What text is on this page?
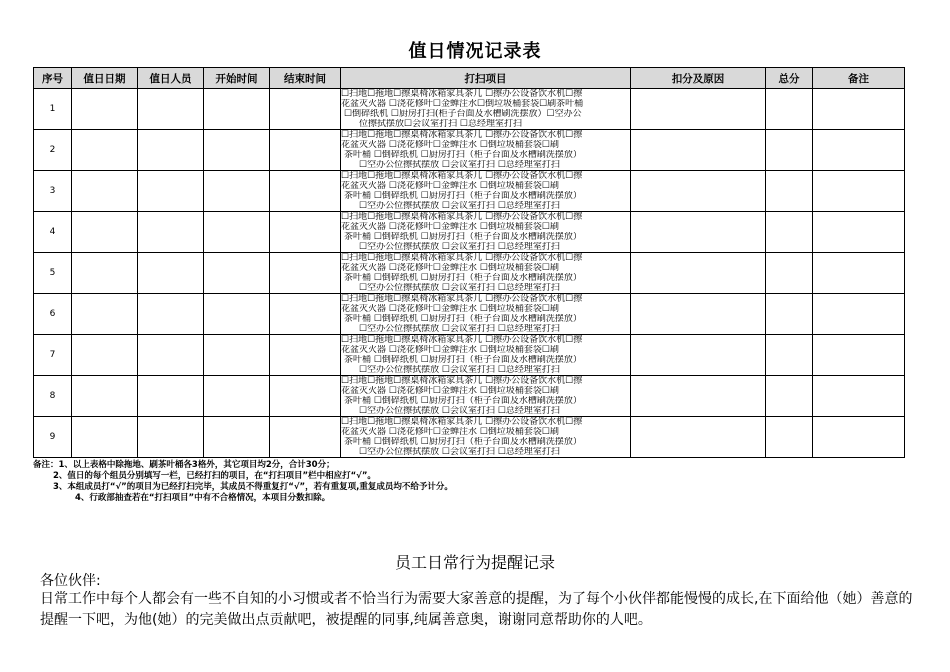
值日情况记录表
序号	值日日期	值日人员	开始时间	结束时间	打扫项目	扣分及原因	总分	备注
1					☐扫地☐拖地☐擦桌椅冰箱家具茶几 ☐擦办公设备饮水机☐擦
花盆灭火器 ☐浇花修叶☐金蝉注水☐倒垃圾桶套袋☐刷茶叶桶
☐倒碎纸机 ☐厨房打扫(柜子台面及水槽刷洗摆放）☐空办公
位擦拭摆放☐会议室打扫 ☐总经理室打扫			

2					☐扫地☐拖地☐擦桌椅冰箱家具茶几 ☐擦办公设备饮水机☐擦
花盆灭火器 ☐浇花修叶☐金蝉注水 ☐倒垃圾桶套袋☐刷
茶叶桶 ☐倒碎纸机 ☐厨房打扫（柜子台面及水槽刷洗摆放）
☐空办公位擦拭摆放 ☐会议室打扫 ☐总经理室打扫			

3					☐扫地☐拖地☐擦桌椅冰箱家具茶几 ☐擦办公设备饮水机☐擦
花盆灭火器 ☐浇花修叶☐金蝉注水 ☐倒垃圾桶套袋☐刷
茶叶桶 ☐倒碎纸机 ☐厨房打扫（柜子台面及水槽刷洗摆放）
☐空办公位擦拭摆放 ☐会议室打扫 ☐总经理室打扫			

4					☐扫地☐拖地☐擦桌椅冰箱家具茶几 ☐擦办公设备饮水机☐擦
花盆灭火器 ☐浇花修叶☐金蝉注水 ☐倒垃圾桶套袋☐刷
茶叶桶 ☐倒碎纸机 ☐厨房打扫（柜子台面及水槽刷洗摆放）
☐空办公位擦拭摆放 ☐会议室打扫 ☐总经理室打扫			

5					☐扫地☐拖地☐擦桌椅冰箱家具茶几 ☐擦办公设备饮水机☐擦
花盆灭火器 ☐浇花修叶☐金蝉注水 ☐倒垃圾桶套袋☐刷
茶叶桶 ☐倒碎纸机 ☐厨房打扫（柜子台面及水槽刷洗摆放）
☐空办公位擦拭摆放 ☐会议室打扫 ☐总经理室打扫			

6					☐扫地☐拖地☐擦桌椅冰箱家具茶几 ☐擦办公设备饮水机☐擦
花盆灭火器 ☐浇花修叶☐金蝉注水 ☐倒垃圾桶套袋☐刷
茶叶桶 ☐倒碎纸机 ☐厨房打扫（柜子台面及水槽刷洗摆放）
☐空办公位擦拭摆放 ☐会议室打扫 ☐总经理室打扫			

7					☐扫地☐拖地☐擦桌椅冰箱家具茶几 ☐擦办公设备饮水机☐擦
花盆灭火器 ☐浇花修叶☐金蝉注水 ☐倒垃圾桶套袋☐刷
茶叶桶 ☐倒碎纸机 ☐厨房打扫（柜子台面及水槽刷洗摆放）
☐空办公位擦拭摆放 ☐会议室打扫 ☐总经理室打扫			

8					☐扫地☐拖地☐擦桌椅冰箱家具茶几 ☐擦办公设备饮水机☐擦
花盆灭火器 ☐浇花修叶☐金蝉注水 ☐倒垃圾桶套袋☐刷
茶叶桶 ☐倒碎纸机 ☐厨房打扫（柜子台面及水槽刷洗摆放）
☐空办公位擦拭摆放 ☐会议室打扫 ☐总经理室打扫			

9					☐扫地☐拖地☐擦桌椅冰箱家具茶几 ☐擦办公设备饮水机☐擦
花盆灭火器 ☐浇花修叶☐金蝉注水 ☐倒垃圾桶套袋☐刷
茶叶桶 ☐倒碎纸机 ☐厨房打扫（柜子台面及水槽刷洗摆放）
☐空办公位擦拭摆放 ☐会议室打扫 ☐总经理室打扫			

备注：1、以上表格中除拖地、刷茶叶桶各3格外，其它项目均2分，合计30分；
2、值日的每个组员分别填写一栏，已经打扫的项目，在“打扫项目”栏中相应打“√”。
3、本组成员打“√”的项目为已经打扫完毕，其成员不得重复打“√”，若有重复项,重复成员均不给予计分。
4、行政部抽查若在“打扫项目”中有不合格情况，本项目分数扣除。
员工日常行为提醒记录
各位伙伴:
日常工作中每个人都会有一些不自知的小习惯或者不恰当行为需要大家善意的提醒，为了每个小伙伴都能慢慢的成长,在下面给他（她）善意的提醒一下吧，为他(她）的完美做出点贡献吧，被提醒的同事,纯属善意奥，谢谢同意帮助你的人吧。
